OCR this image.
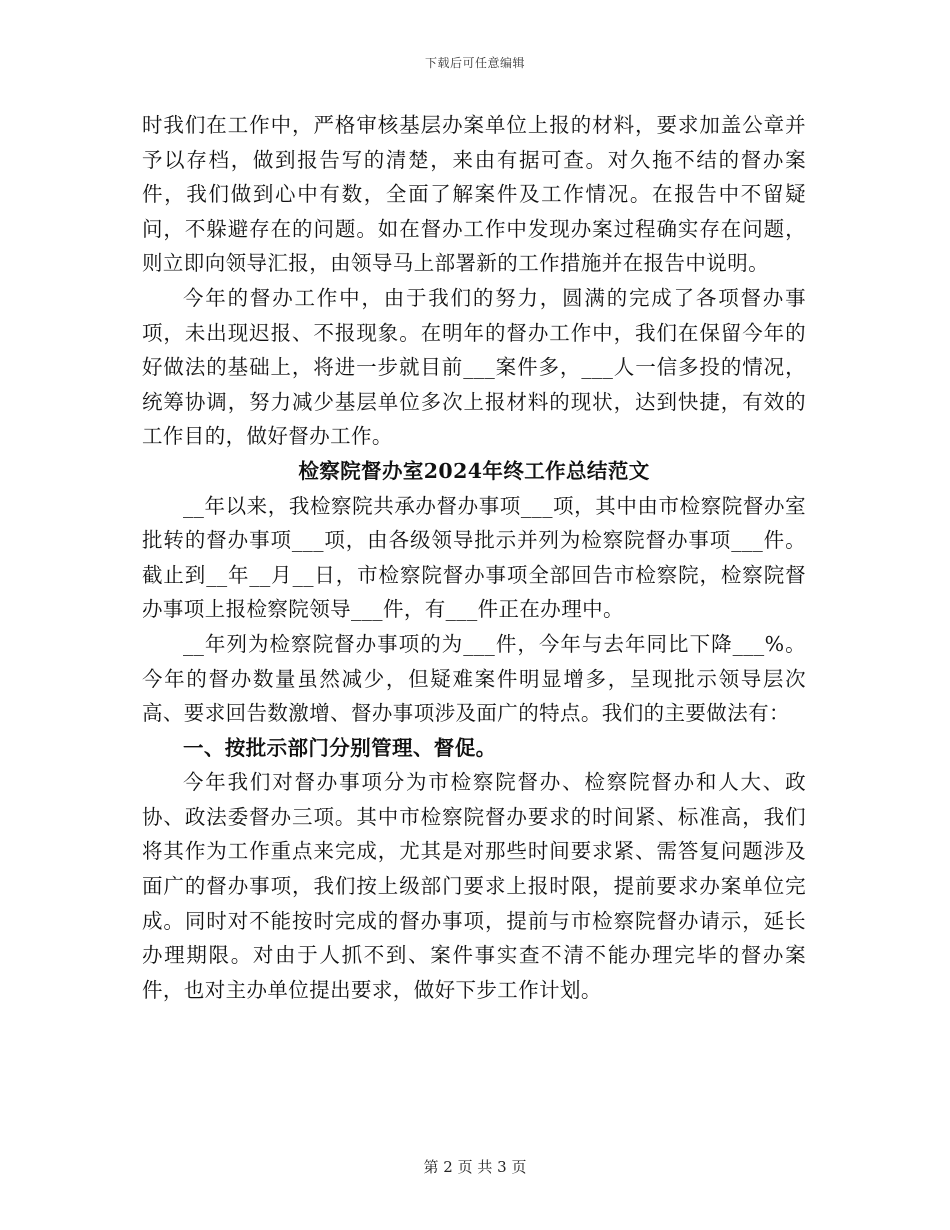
下载后可任意编辑

时我们在工作中，严格审核基层办案单位上报的材料，要求加盖公章并予以存档，做到报告写的清楚，来由有据可查。对久拖不结的督办案件，我们做到心中有数，全面了解案件及工作情况。在报告中不留疑问，不躲避存在的问题。如在督办工作中发现办案过程确实存在问题，则立即向领导汇报，由领导马上部署新的工作措施并在报告中说明。

今年的督办工作中，由于我们的努力，圆满的完成了各项督办事项，未出现迟报、不报现象。在明年的督办工作中，我们在保留今年的好做法的基础上，将进一步就目前___案件多，___人一信多投的情况，统筹协调，努力减少基层单位多次上报材料的现状，达到快捷，有效的工作目的，做好督办工作。

检察院督办室2024年终工作总结范文

__年以来，我检察院共承办督办事项___项，其中由市检察院督办室批转的督办事项___项，由各级领导批示并列为检察院督办事项___件。截止到__年__月__日，市检察院督办事项全部回告市检察院，检察院督办事项上报检察院领导___件，有___件正在办理中。

__年列为检察院督办事项的为___件，今年与去年同比下降___%。今年的督办数量虽然减少，但疑难案件明显增多，呈现批示领导层次高、要求回告数激增、督办事项涉及面广的特点。我们的主要做法有：

一、按批示部门分别管理、督促。

今年我们对督办事项分为市检察院督办、检察院督办和人大、政协、政法委督办三项。其中市检察院督办要求的时间紧、标准高，我们将其作为工作重点来完成，尤其是对那些时间要求紧、需答复问题涉及面广的督办事项，我们按上级部门要求上报时限，提前要求办案单位完成。同时对不能按时完成的督办事项，提前与市检察院督办请示，延长办理期限。对由于人抓不到、案件事实查不清不能办理完毕的督办案件，也对主办单位提出要求，做好下步工作计划。

第 2 页 共 3 页
